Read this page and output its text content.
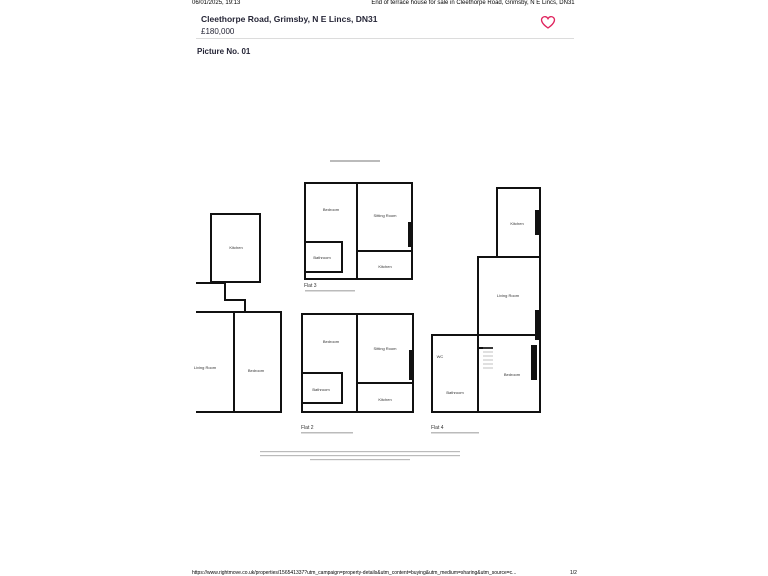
06/01/2025, 19:13	End of terrace house for sale in Cleethorpe Road, Grimsby, N E Lincs, DN31
Cleethorpe Road, Grimsby, N E Lincs, DN31
£180,000
Picture No. 01
Kitchen
Bedroom
Living Room
Bedroom
Sitting Room
Bathroom
Kitchen
Bedroom
Sitting Room
Bathroom
Kitchen
Kitchen
Living Room
Bedroom
WC
Bathroom
Flat 3
Flat 2	Flat 4
https://www.rightmove.co.uk/properties/156541337?utm_campaign=property-details&utm_content=buying&utm_medium=sharing&utm_source=c...	1/2
